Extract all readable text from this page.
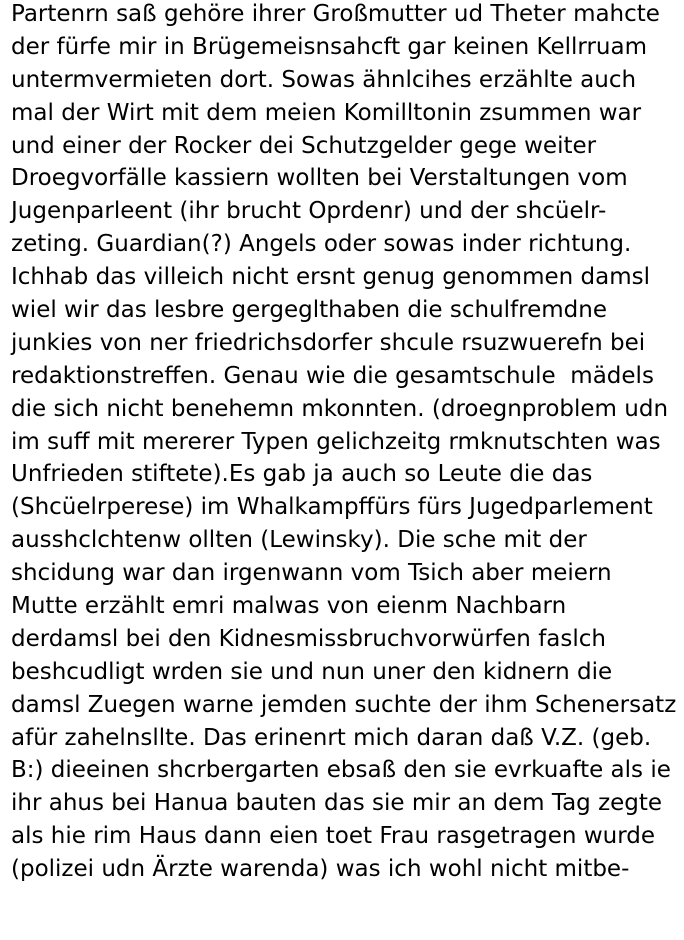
Partenrn saß gehöre ihrer Großmutter ud Theter mahcte
der fürfe mir in Brügemeisnsahcft gar keinen Kellrruam
untermvermieten dort. Sowas ähnlcihes erzählte auch
mal der Wirt mit dem meien Komilltonin zsummen war
und einer der Rocker dei Schutzgelder gege weiter
Droegvorfälle kassiern wollten bei Verstaltungen vom
Jugenparleent (ihr brucht Oprdenr) und der shcüelr-
zeting. Guardian(?) Angels oder sowas inder richtung.
Ichhab das villeich nicht ersnt genug genommen damsl
wiel wir das lesbre gergeglthaben die schulfremdne
junkies von ner friedrichsdorfer shcule rsuzwuerefn bei
redaktionstreffen. Genau wie die gesamtschule  mädels
die sich nicht benehemn mkonnten. (droegnproblem udn
im suff mit mererer Typen gelichzeitg rmknutschten was
Unfrieden stiftete).Es gab ja auch so Leute die das
(Shcüelrperese) im Whalkampffürs fürs Jugedparlement
ausshclchtenw ollten (Lewinsky). Die sche mit der
shcidung war dan irgenwann vom Tsich aber meiern
Mutte erzählt emri malwas von eienm Nachbarn
derdamsl bei den Kidnesmissbruchvorwürfen faslch
beshcudligt wrden sie und nun uner den kidnern die
damsl Zuegen warne jemden suchte der ihm Schenersatz
afür zahelnsllte. Das erinenrt mich daran daß V.Z. (geb.
B:) dieeinen shcrbergarten ebsaß den sie evrkuafte als ie
ihr ahus bei Hanua bauten das sie mir an dem Tag zegte
als hie rim Haus dann eien toet Frau rasgetragen wurde
(polizei udn Ärzte warenda) was ich wohl nicht mitbe-
